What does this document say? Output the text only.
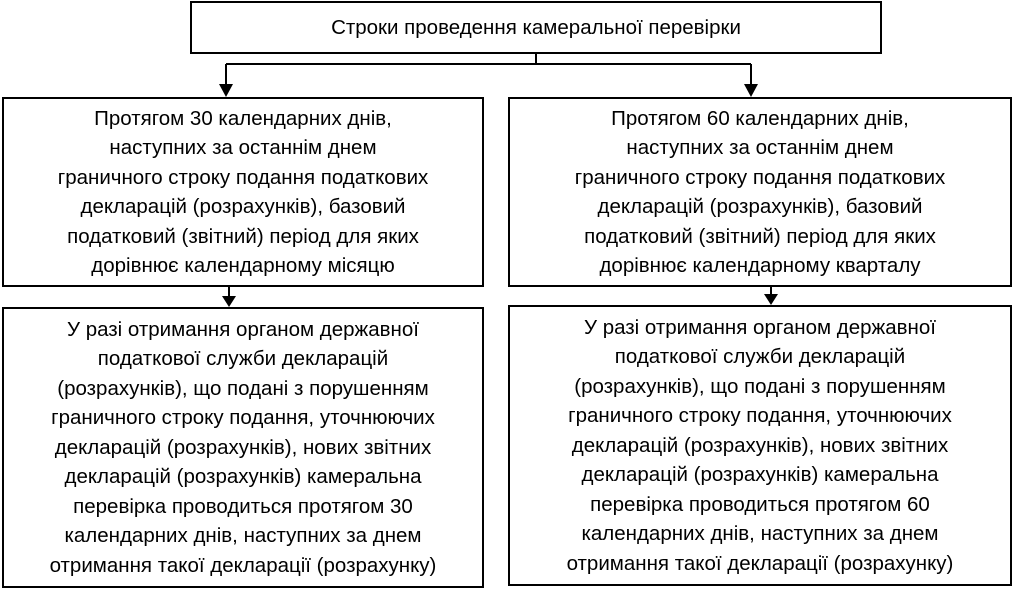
Строки проведення камеральної перевірки
Протягом 30 календарних днів,
наступних за останнім днем
граничного строку подання податкових
декларацій (розрахунків), базовий
податковий (звітний) період для яких
дорівнює календарному місяцю
Протягом 60 календарних днів,
наступних за останнім днем
граничного строку подання податкових
декларацій (розрахунків), базовий
податковий (звітний) період для яких
дорівнює календарному кварталу
У разі отримання органом державної
податкової служби декларацій
(розрахунків), що подані з порушенням
граничного строку подання, уточнюючих
декларацій (розрахунків), нових звітних
декларацій (розрахунків) камеральна
перевірка проводиться протягом 30
календарних днів, наступних за днем
отримання такої декларації (розрахунку)
У разі отримання органом державної
податкової служби декларацій
(розрахунків), що подані з порушенням
граничного строку подання, уточнюючих
декларацій (розрахунків), нових звітних
декларацій (розрахунків) камеральна
перевірка проводиться протягом 60
календарних днів, наступних за днем
отримання такої декларації (розрахунку)
